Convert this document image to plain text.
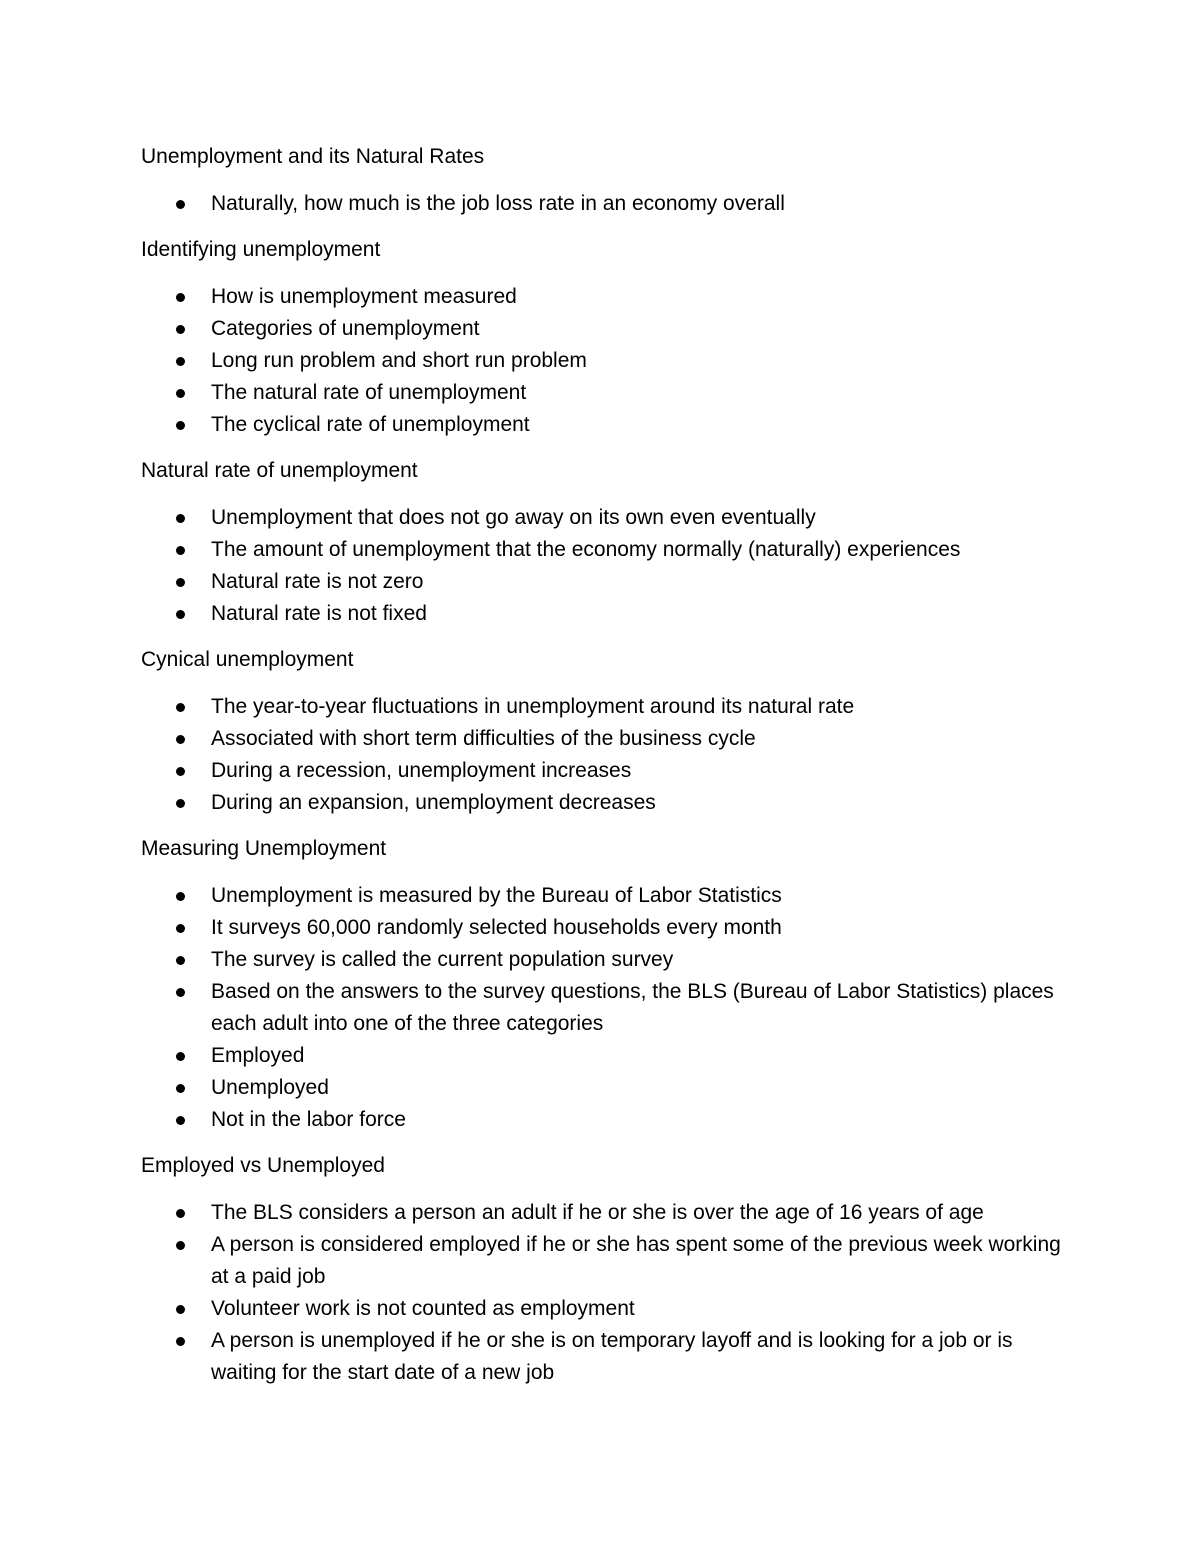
Unemployment and its Natural Rates
Naturally, how much is the job loss rate in an economy overall
Identifying unemployment
How is unemployment measured
Categories of unemployment
Long run problem and short run problem
The natural rate of unemployment
The cyclical rate of unemployment
Natural rate of unemployment
Unemployment that does not go away on its own even eventually
The amount of unemployment that the economy normally (naturally) experiences
Natural rate is not zero
Natural rate is not fixed
Cynical unemployment
The year-to-year fluctuations in unemployment around its natural rate
Associated with short term difficulties of the business cycle
During a recession, unemployment increases
During an expansion, unemployment decreases
Measuring Unemployment
Unemployment is measured by the Bureau of Labor Statistics
It surveys 60,000 randomly selected households every month
The survey is called the current population survey
Based on the answers to the survey questions, the BLS (Bureau of Labor Statistics) places each adult into one of the three categories
Employed
Unemployed
Not in the labor force
Employed vs Unemployed
The BLS considers a person an adult if he or she is over the age of 16 years of age
A person is considered employed if he or she has spent some of the previous week working at a paid job
Volunteer work is not counted as employment
A person is unemployed if he or she is on temporary layoff and is looking for a job or is waiting for the start date of a new job
